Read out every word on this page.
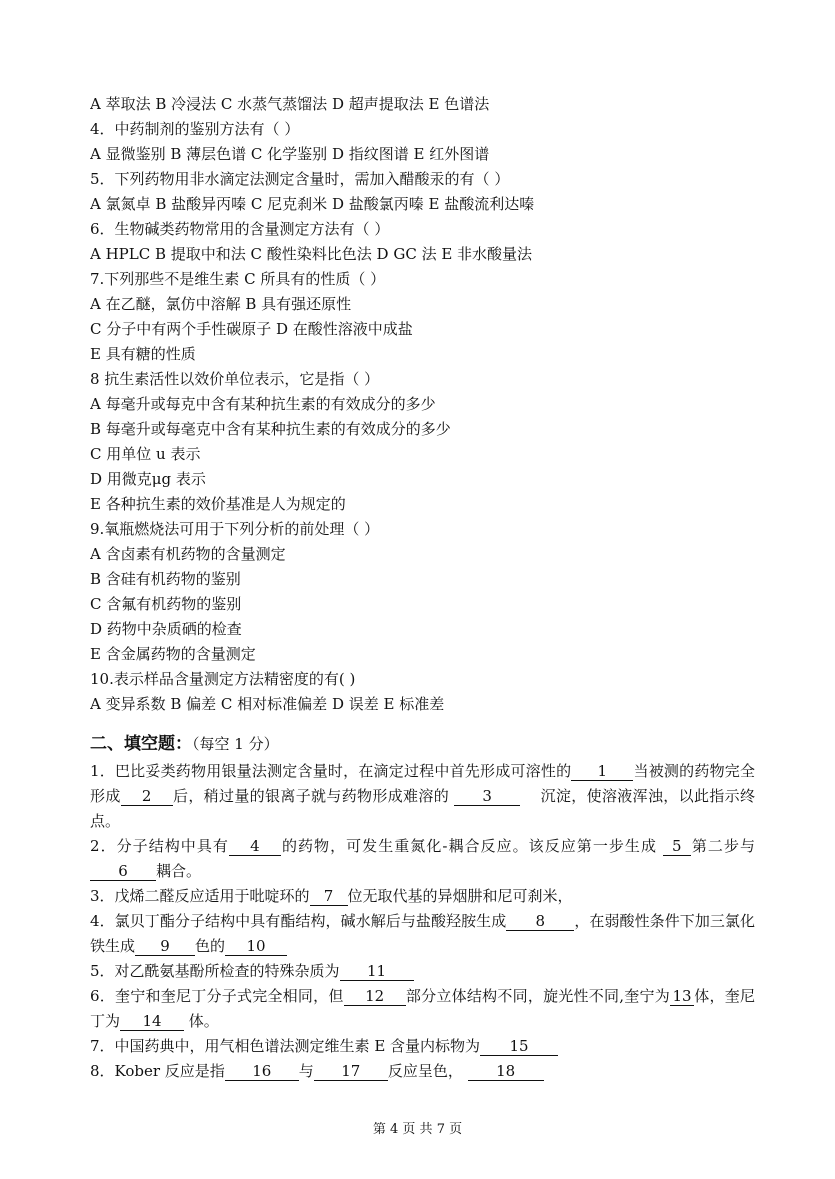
A 萃取法 B 冷浸法 C 水蒸气蒸馏法 D 超声提取法 E 色谱法
4．中药制剂的鉴别方法有（ ）
A 显微鉴别 B 薄层色谱 C 化学鉴别 D 指纹图谱 E 红外图谱
5．下列药物用非水滴定法测定含量时，需加入醋酸汞的有（ ）
A 氯氮卓 B 盐酸异丙嗪 C 尼克刹米 D 盐酸氯丙嗪 E 盐酸流利达嗪
6．生物碱类药物常用的含量测定方法有（ ）
A HPLC B 提取中和法 C 酸性染料比色法 D GC 法 E 非水酸量法
7.下列那些不是维生素 C 所具有的性质（ ）
A 在乙醚，氯仿中溶解 B 具有强还原性
C 分子中有两个手性碳原子 D 在酸性溶液中成盐
E 具有糖的性质
8 抗生素活性以效价单位表示，它是指（ ）
A 每毫升或每克中含有某种抗生素的有效成分的多少
B 每毫升或每毫克中含有某种抗生素的有效成分的多少
C 用单位 u 表示
D 用微克μg 表示
E 各种抗生素的效价基准是人为规定的
9.氧瓶燃烧法可用于下列分析的前处理（ ）
A 含卤素有机药物的含量测定
B 含硅有机药物的鉴别
C 含氟有机药物的鉴别
D 药物中杂质硒的检查
E 含金属药物的含量测定
10.表示样品含量测定方法精密度的有( )
A 变异系数 B 偏差 C 相对标准偏差 D 误差 E 标准差
二、填空题：（每空 1 分）
1．巴比妥类药物用银量法测定含量时，在滴定过程中首先形成可溶性的 1 当被测的药物完全形成 2 后，稍过量的银离子就与药物形成难溶的 3	沉淀，使溶液浑浊，以此指示终点。
2．分子结构中具有 4 的药物，可发生重氮化-耦合反应。该反应第一步生成 5 第二步与6 耦合。
3．戊烯二醛反应适用于吡啶环的 7 位无取代基的异烟肼和尼可刹米，
4．氯贝丁酯分子结构中具有酯结构，碱水解后与盐酸羟胺生成 8 ，在弱酸性条件下加三氯化铁生成 9 色的 10
5．对乙酰氨基酚所检查的特殊杂质为 11
6．奎宁和奎尼丁分子式完全相同，但 12 部分立体结构不同，旋光性不同,奎宁为 13 体，奎尼丁为 14 体。
7．中国药典中，用气相色谱法测定维生素 E 含量内标物为 15
8．Kober 反应是指 16 与 17 反应呈色， 18
第 4 页 共 7 页
